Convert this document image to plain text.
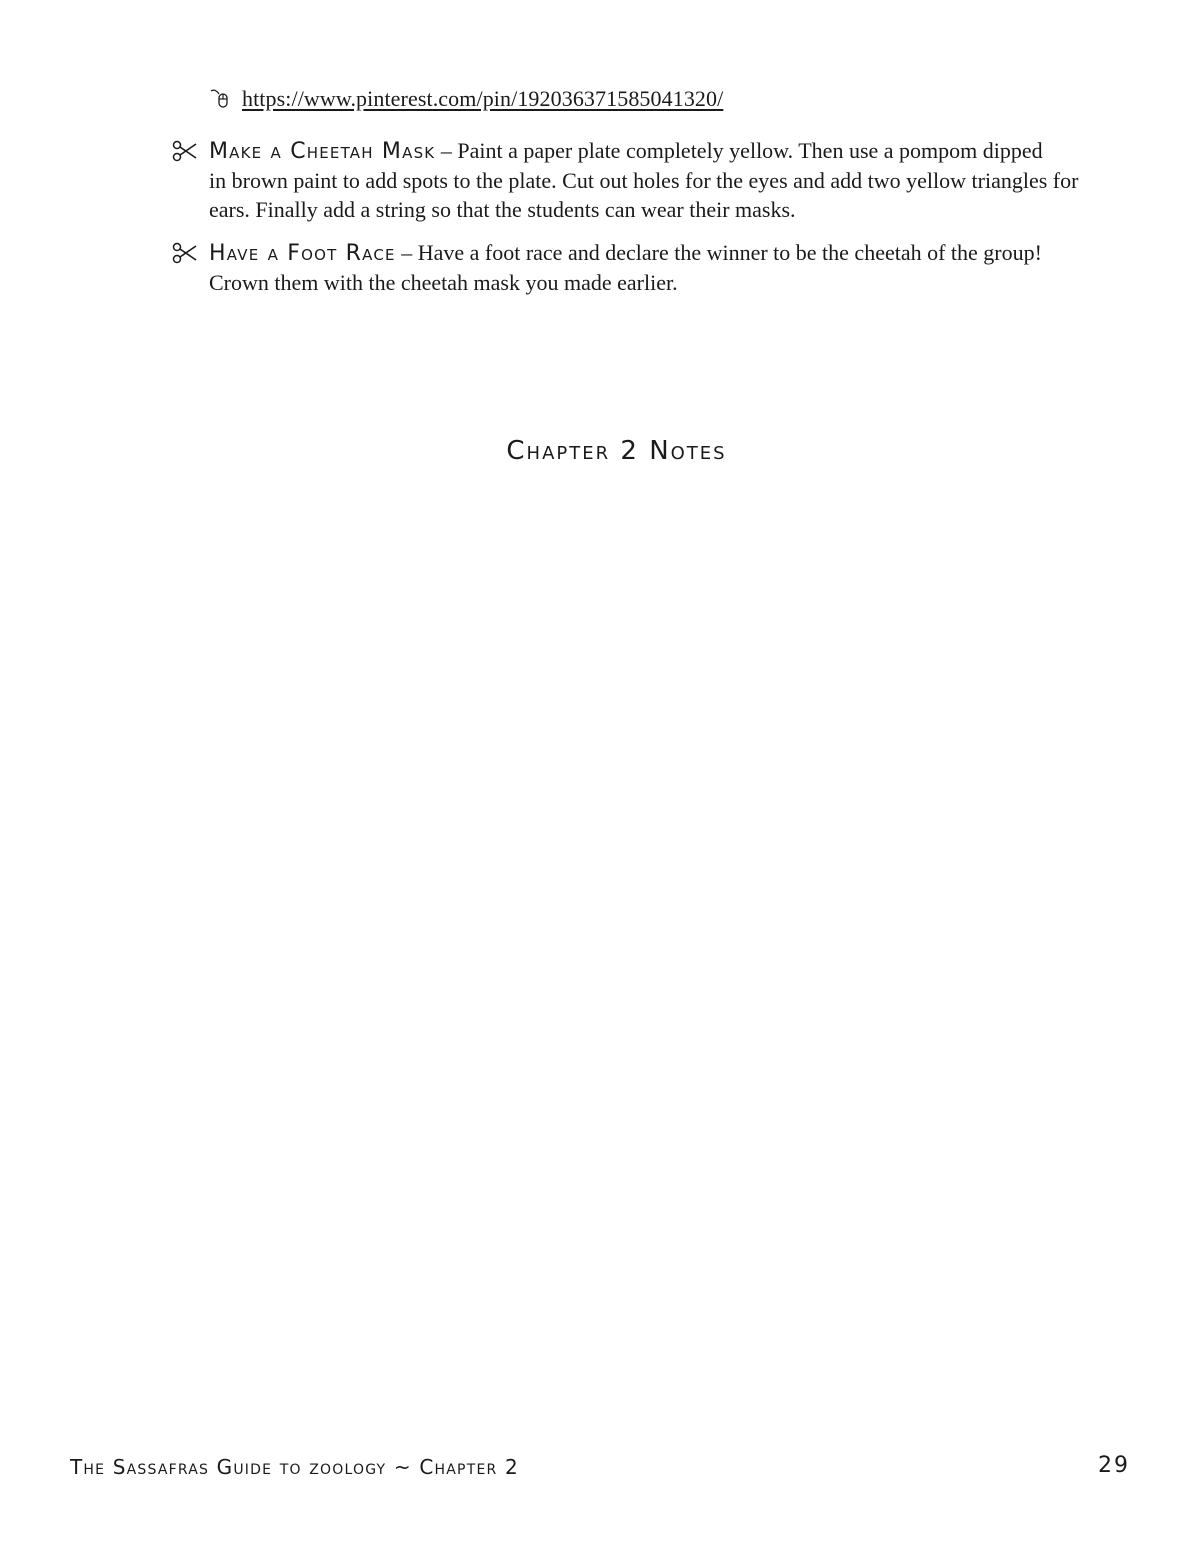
https://www.pinterest.com/pin/192036371585041320/
Make a Cheetah Mask – Paint a paper plate completely yellow. Then use a pompom dipped
in brown paint to add spots to the plate. Cut out holes for the eyes and add two yellow triangles for
ears. Finally add a string so that the students can wear their masks.
Have a Foot Race – Have a foot race and declare the winner to be the cheetah of the group!
Crown them with the cheetah mask you made earlier.
Chapter 2 Notes
The Sassafras Guide to zoology ~ Chapter 2	29
